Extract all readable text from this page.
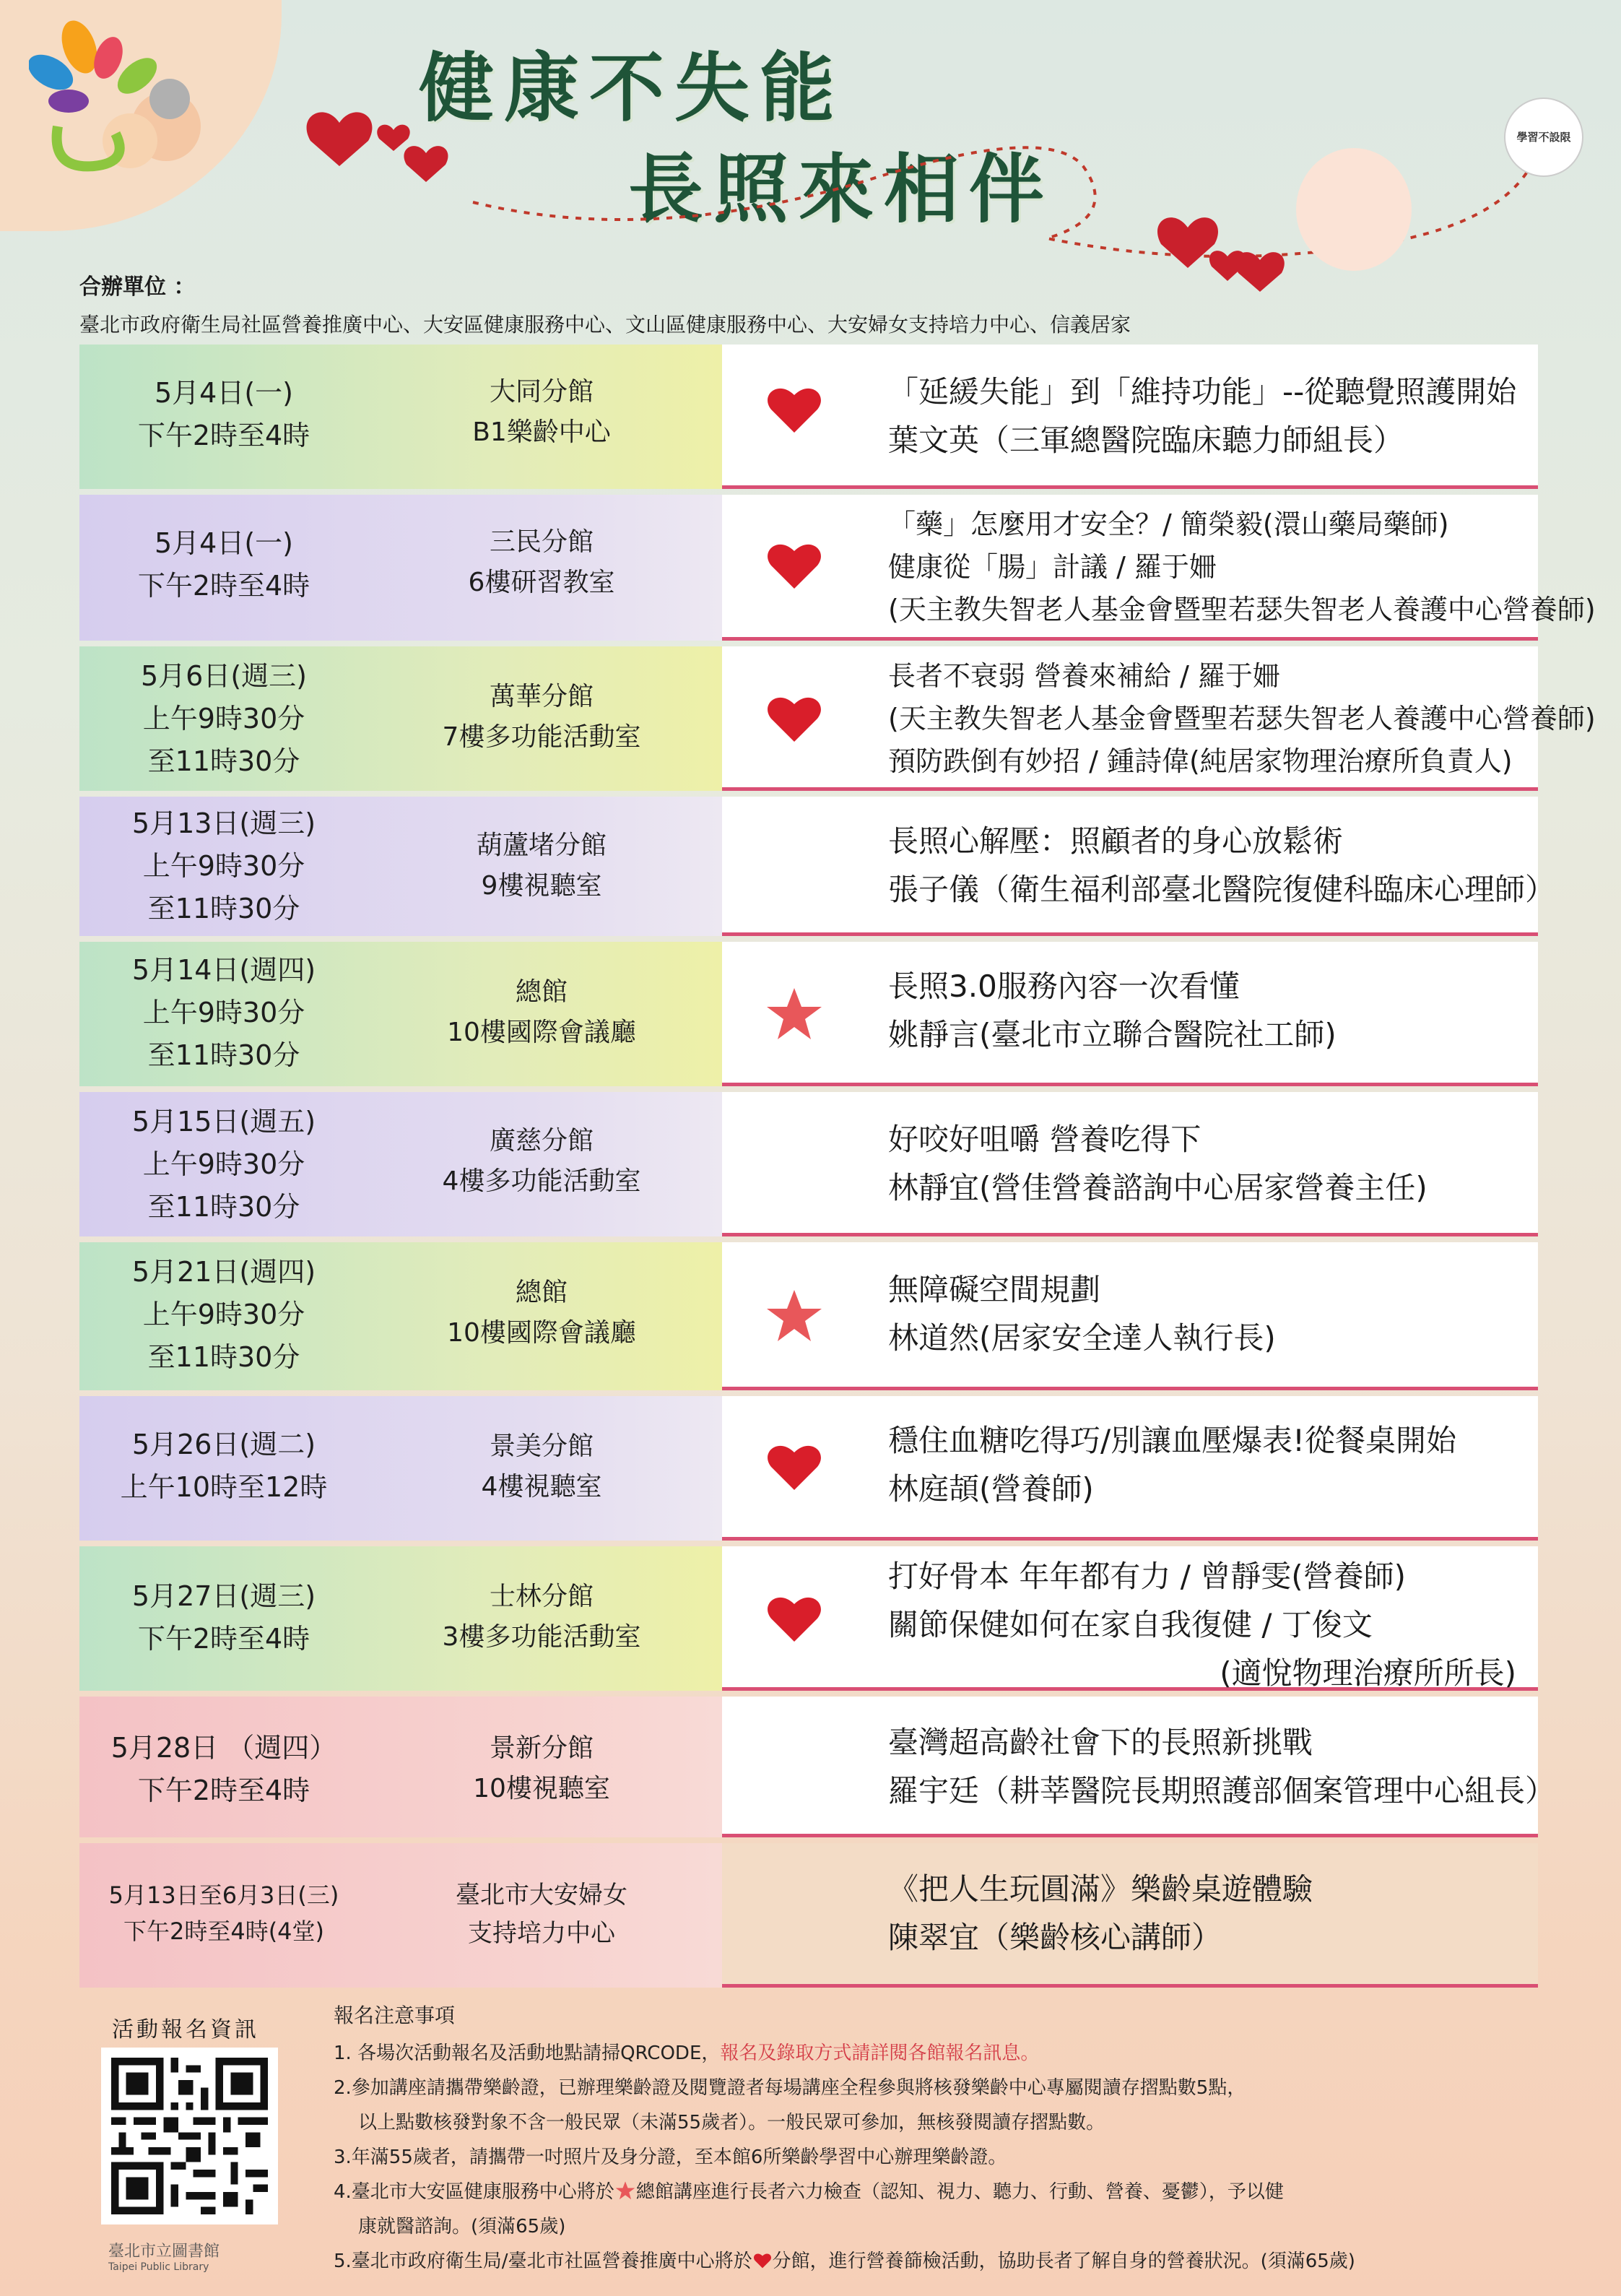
健康不失能
長照來相伴
學習不設限
合辦單位 ：
臺北市政府衛生局社區營養推廣中心、大安區健康服務中心、文山區健康服務中心、大安婦女支持培力中心、信義居家
5月4日(一)
下午2時至4時
大同分館
B1樂齡中心
「延緩失能」到「維持功能」--從聽覺照護開始
葉文英（三軍總醫院臨床聽力師組長）
5月4日(一)
下午2時至4時
三民分館
6樓研習教室
「藥」怎麼用才安全？/ 簡榮毅(澴山藥局藥師)
健康從「腸」計議 / 羅于姍
(天主教失智老人基金會暨聖若瑟失智老人養護中心營養師)
5月6日(週三)
上午9時30分
至11時30分
萬華分館
7樓多功能活動室
長者不衰弱 營養來補給 / 羅于姍
(天主教失智老人基金會暨聖若瑟失智老人養護中心營養師)
預防跌倒有妙招 / 鍾詩偉(純居家物理治療所負責人)
5月13日(週三)
上午9時30分
至11時30分
葫蘆堵分館
9樓視聽室
長照心解壓：照顧者的身心放鬆術
張子儀（衛生福利部臺北醫院復健科臨床心理師）
5月14日(週四)
上午9時30分
至11時30分
總館
10樓國際會議廳
長照3.0服務內容一次看懂
姚靜言(臺北市立聯合醫院社工師)
5月15日(週五)
上午9時30分
至11時30分
廣慈分館
4樓多功能活動室
好咬好咀嚼 營養吃得下
林靜宜(營佳營養諮詢中心居家營養主任)
5月21日(週四)
上午9時30分
至11時30分
總館
10樓國際會議廳
無障礙空間規劃
林道然(居家安全達人執行長)
5月26日(週二)
上午10時至12時
景美分館
4樓視聽室
穩住血糖吃得巧/別讓血壓爆表!從餐桌開始
林庭頡(營養師)
5月27日(週三)
下午2時至4時
士林分館
3樓多功能活動室
打好骨本 年年都有力 / 曾靜雯(營養師)
關節保健如何在家自我復健 / 丁俊文
(適悅物理治療所所長)
5月28日 （週四）
下午2時至4時
景新分館
10樓視聽室
臺灣超高齡社會下的長照新挑戰
羅宇廷（耕莘醫院長期照護部個案管理中心組長）
5月13日至6月3日(三)
下午2時至4時(4堂)
臺北市大安婦女
支持培力中心
《把人生玩圓滿》樂齡桌遊體驗
陳翠宜（樂齡核心講師）
活動報名資訊
臺北市立圖書館
Taipei Public Library
報名注意事項
1. 各場次活動報名及活動地點請掃QRCODE，報名及錄取方式請詳閱各館報名訊息。
2.參加講座請攜帶樂齡證，已辦理樂齡證及閱覽證者每場講座全程參與將核發樂齡中心專屬閱讀存摺點數5點，
以上點數核發對象不含一般民眾（未滿55歲者）。一般民眾可參加，無核發閱讀存摺點數。
3.年滿55歲者，請攜帶一吋照片及身分證，至本館6所樂齡學習中心辦理樂齡證。
4.臺北市大安區健康服務中心將於 總館講座進行長者六力檢查（認知、視力、聽力、行動、營養、憂鬱），予以健
康就醫諮詢。(須滿65歲)
5.臺北市政府衛生局/臺北市社區營養推廣中心將於 分館，進行營養篩檢活動，協助長者了解自身的營養狀況。(須滿65歲)
